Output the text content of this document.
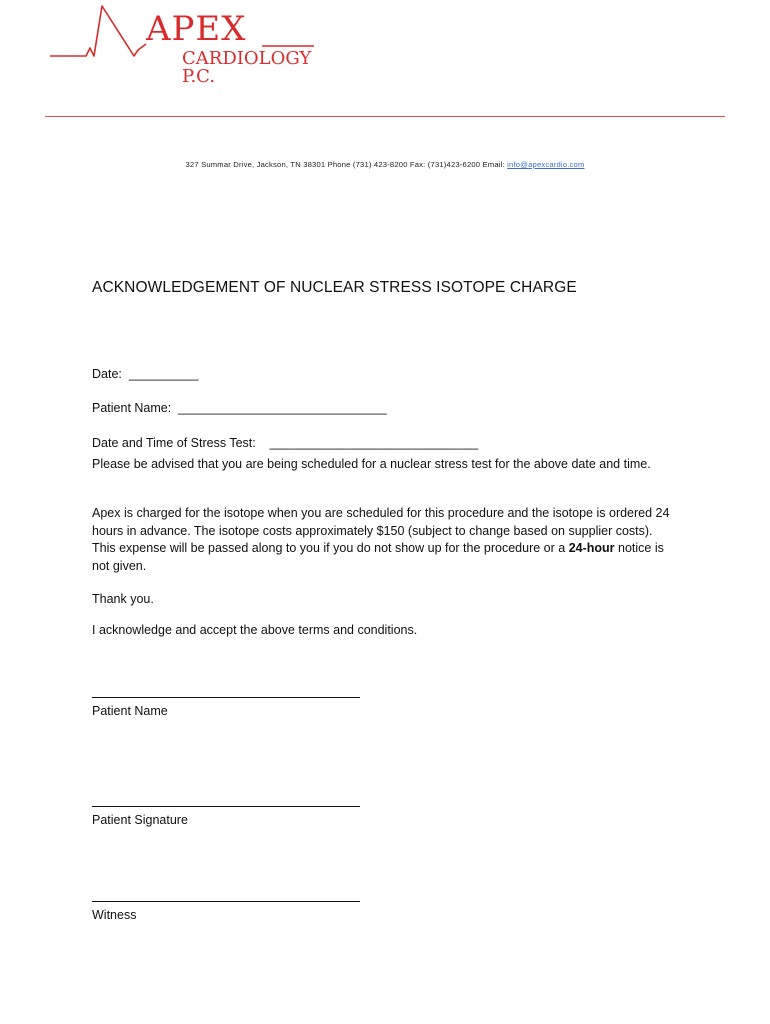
APEX
CARDIOLOGY P.C.
327 Summar Drive, Jackson, TN 38301 Phone (731) 423-8200 Fax: (731)423-6200 Email: info@apexcardio.com
ACKNOWLEDGEMENT OF NUCLEAR STRESS ISOTOPE CHARGE
Date:  __________
Patient Name:  ______________________________
Date and Time of Stress Test:    ______________________________
Please be advised that you are being scheduled for a nuclear stress test for the above date and time.
Apex is charged for the isotope when you are scheduled for this procedure and the isotope is ordered 24 hours in advance. The isotope costs approximately $150 (subject to change based on supplier costs). This expense will be passed along to you if you do not show up for the procedure or a 24-hour notice is not given.
Thank you.
I acknowledge and accept the above terms and conditions.
Patient Name
Patient Signature
Witness
